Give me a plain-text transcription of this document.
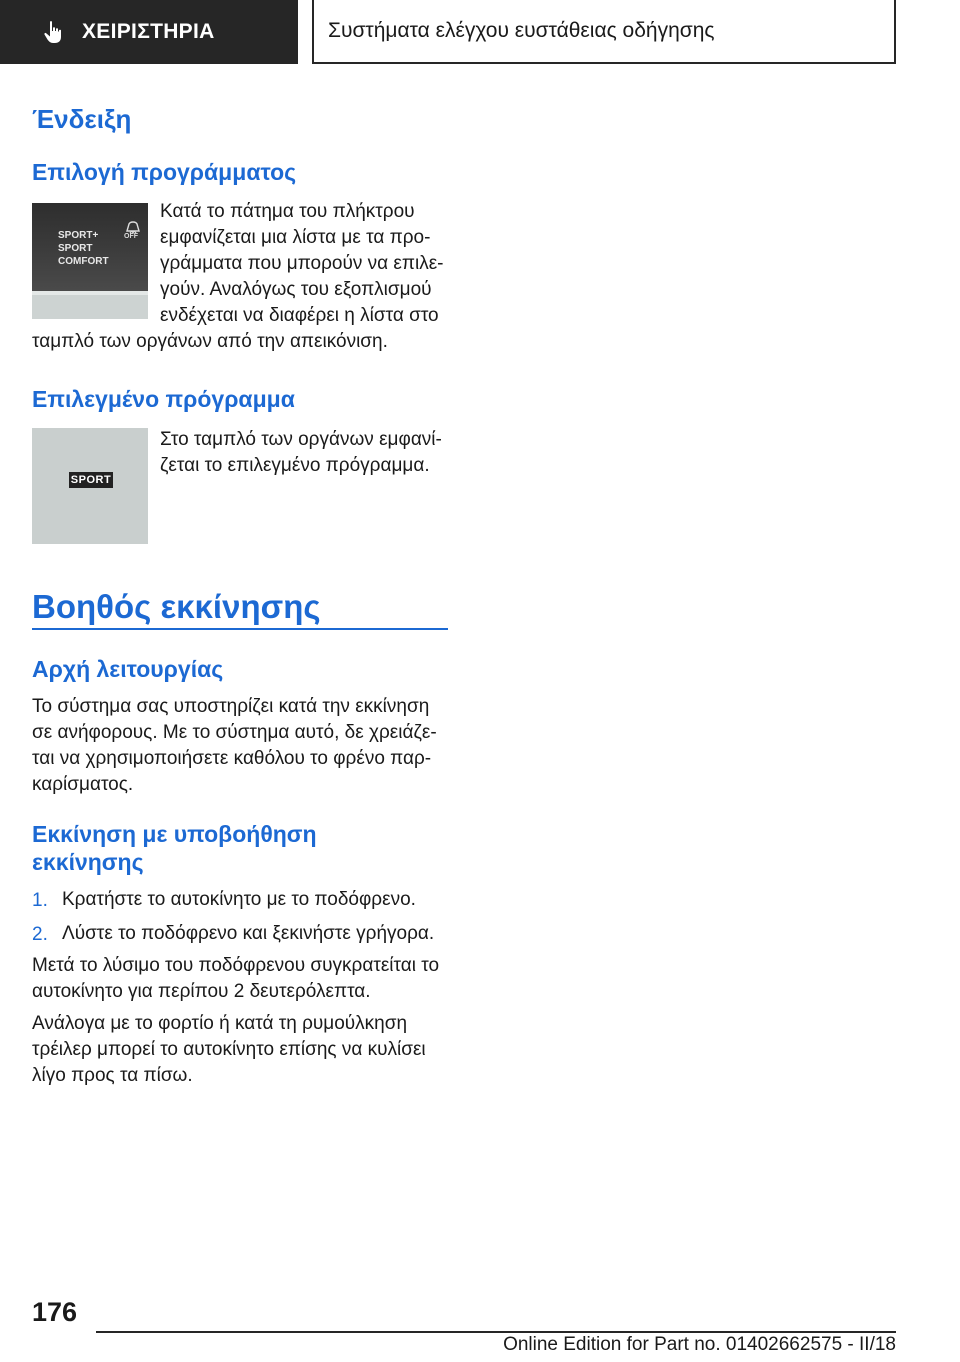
ΧΕΙΡΙΣΤΗΡΙΑ	Συστήματα ελέγχου ευστάθειας οδήγησης
Ένδειξη
Επιλογή προγράμματος
SPORT+
SPORT
COMFORT
OFF
Κατά το πάτημα του πλήκτρου
εμφανίζεται μια λίστα με τα προ-
γράμματα που μπορούν να επιλε-
γούν. Αναλόγως του εξοπλισμού
ενδέχεται να διαφέρει η λίστα στο
ταμπλό των οργάνων από την απεικόνιση.
Επιλεγμένο πρόγραμμα
SPORT
Στο ταμπλό των οργάνων εμφανί-
ζεται το επιλεγμένο πρόγραμμα.
Βοηθός εκκίνησης
Αρχή λειτουργίας
Το σύστημα σας υποστηρίζει κατά την εκκίνηση
σε ανήφορους. Με το σύστημα αυτό, δε χρειάζε-
ται να χρησιμοποιήσετε καθόλου το φρένο παρ-
καρίσματος.
Εκκίνηση με υποβοήθηση
εκκίνησης
1. Κρατήστε το αυτοκίνητο με το ποδόφρενο.
2. Λύστε το ποδόφρενο και ξεκινήστε γρήγορα.
Μετά το λύσιμο του ποδόφρενου συγκρατείται το
αυτοκίνητο για περίπου 2 δευτερόλεπτα.
Ανάλογα με το φορτίο ή κατά τη ρυμούλκηση
τρέιλερ μπορεί το αυτοκίνητο επίσης να κυλίσει
λίγο προς τα πίσω.
176
Online Edition for Part no. 01402662575 - II/18
